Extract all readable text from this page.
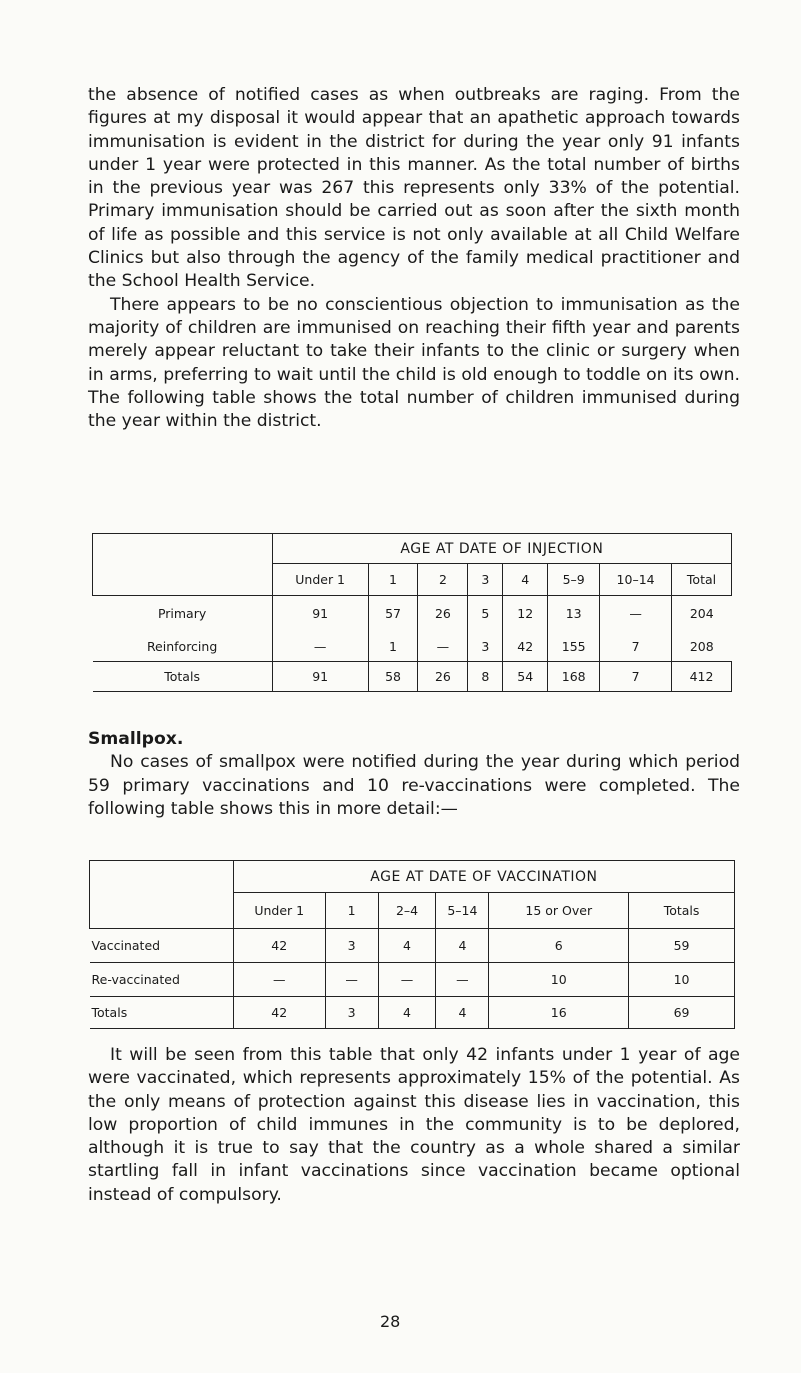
the absence of notified cases as when outbreaks are raging. From the figures at my disposal it would appear that an apathetic approach towards immunisation is evident in the district for during the year only 91 infants under 1 year were protected in this manner. As the total number of births in the previous year was 267 this represents only 33% of the potential. Primary immunisation should be carried out as soon after the sixth month of life as possible and this service is not only available at all Child Welfare Clinics but also through the agency of the family medical practitioner and the School Health Service.

There appears to be no conscientious objection to immunisation as the majority of children are immunised on reaching their fifth year and parents merely appear reluctant to take their infants to the clinic or surgery when in arms, preferring to wait until the child is old enough to toddle on its own. The following table shows the total number of children immunised during the year within the district.

	AGE AT DATE OF INJECTION							
	Under 1	1	2	3	4	5–9	10–14	Total
Primary	91	57	26	5	12	13	—	204
Reinforcing	—	1	—	3	42	155	7	208
Totals	91	58	26	8	54	168	7	412

Smallpox.

No cases of smallpox were notified during the year during which period 59 primary vaccinations and 10 re-vaccinations were completed. The following table shows this in more detail:—

	AGE AT DATE OF VACCINATION					
	Under 1	1	2–4	5–14	15 or Over	Totals
Vaccinated	42	3	4	4	6	59
Re-vaccinated	—	—	—	—	10	10
Totals	42	3	4	4	16	69

It will be seen from this table that only 42 infants under 1 year of age were vaccinated, which represents approximately 15% of the potential. As the only means of protection against this disease lies in vaccination, this low proportion of child immunes in the community is to be deplored, although it is true to say that the country as a whole shared a similar startling fall in infant vaccinations since vaccination became optional instead of compulsory.

28
